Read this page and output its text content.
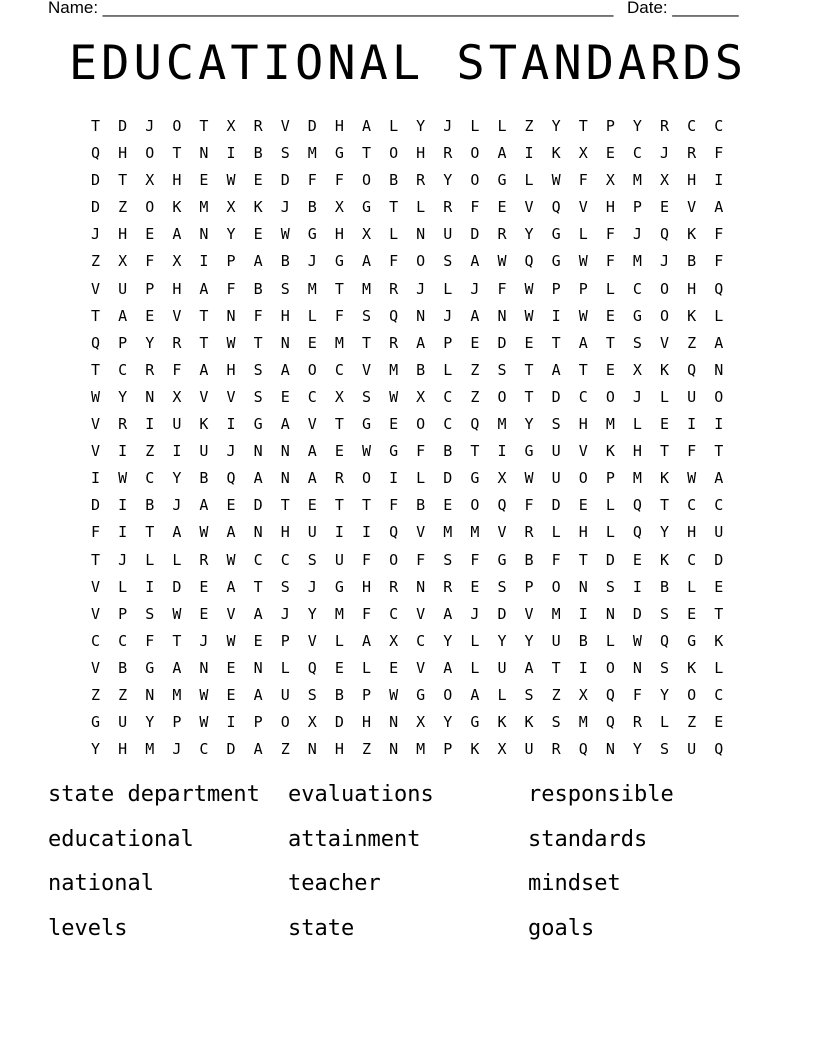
Name: ______________________________________________________ Date: _______
EDUCATIONAL STANDARDS
T	D	J	O	T	X	R	V	D	H	A	L	Y	J	L	L	Z	Y	T	P	Y	R	C	C
Q	H	O	T	N	I	B	S	M	G	T	O	H	R	O	A	I	K	X	E	C	J	R	F
D	T	X	H	E	W	E	D	F	F	O	B	R	Y	O	G	L	W	F	X	M	X	H	I
D	Z	O	K	M	X	K	J	B	X	G	T	L	R	F	E	V	Q	V	H	P	E	V	A
J	H	E	A	N	Y	E	W	G	H	X	L	N	U	D	R	Y	G	L	F	J	Q	K	F
Z	X	F	X	I	P	A	B	J	G	A	F	O	S	A	W	Q	G	W	F	M	J	B	F
V	U	P	H	A	F	B	S	M	T	M	R	J	L	J	F	W	P	P	L	C	O	H	Q
T	A	E	V	T	N	F	H	L	F	S	Q	N	J	A	N	W	I	W	E	G	O	K	L
Q	P	Y	R	T	W	T	N	E	M	T	R	A	P	E	D	E	T	A	T	S	V	Z	A
T	C	R	F	A	H	S	A	O	C	V	M	B	L	Z	S	T	A	T	E	X	K	Q	N
W	Y	N	X	V	V	S	E	C	X	S	W	X	C	Z	O	T	D	C	O	J	L	U	O
V	R	I	U	K	I	G	A	V	T	G	E	O	C	Q	M	Y	S	H	M	L	E	I	I
V	I	Z	I	U	J	N	N	A	E	W	G	F	B	T	I	G	U	V	K	H	T	F	T
I	W	C	Y	B	Q	A	N	A	R	O	I	L	D	G	X	W	U	O	P	M	K	W	A
D	I	B	J	A	E	D	T	E	T	T	F	B	E	O	Q	F	D	E	L	Q	T	C	C
F	I	T	A	W	A	N	H	U	I	I	Q	V	M	M	V	R	L	H	L	Q	Y	H	U
T	J	L	L	R	W	C	C	S	U	F	O	F	S	F	G	B	F	T	D	E	K	C	D
V	L	I	D	E	A	T	S	J	G	H	R	N	R	E	S	P	O	N	S	I	B	L	E
V	P	S	W	E	V	A	J	Y	M	F	C	V	A	J	D	V	M	I	N	D	S	E	T
C	C	F	T	J	W	E	P	V	L	A	X	C	Y	L	Y	Y	U	B	L	W	Q	G	K
V	B	G	A	N	E	N	L	Q	E	L	E	V	A	L	U	A	T	I	O	N	S	K	L
Z	Z	N	M	W	E	A	U	S	B	P	W	G	O	A	L	S	Z	X	Q	F	Y	O	C
G	U	Y	P	W	I	P	O	X	D	H	N	X	Y	G	K	K	S	M	Q	R	L	Z	E
Y	H	M	J	C	D	A	Z	N	H	Z	N	M	P	K	X	U	R	Q	N	Y	S	U	Q
state department	evaluations	responsible
educational	attainment	standards
national	teacher	mindset
levels	state	goals
